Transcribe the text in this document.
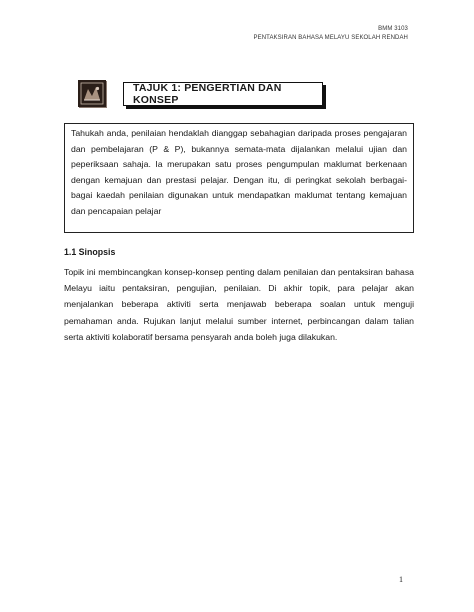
BMM 3103
PENTAKSIRAN BAHASA MELAYU SEKOLAH RENDAH
TAJUK 1: PENGERTIAN DAN KONSEP

Tahukah anda, penilaian hendaklah dianggap sebahagian daripada proses pengajaran dan pembelajaran (P & P), bukannya semata-mata dijalankan melalui ujian dan peperiksaan sahaja. Ia merupakan satu proses pengumpulan maklumat berkenaan dengan kemajuan dan prestasi pelajar. Dengan itu, di peringkat sekolah berbagai-bagai kaedah penilaian digunakan untuk mendapatkan maklumat tentang kemajuan dan pencapaian pelajar

1.1 Sinopsis

Topik ini membincangkan konsep-konsep penting dalam penilaian dan pentaksiran bahasa Melayu iaitu pentaksiran, pengujian, penilaian. Di akhir topik, para pelajar akan menjalankan beberapa aktiviti serta menjawab beberapa soalan untuk menguji pemahaman anda. Rujukan lanjut melalui sumber internet, perbincangan dalam talian serta aktiviti kolaboratif bersama pensyarah anda boleh juga dilakukan.

1
